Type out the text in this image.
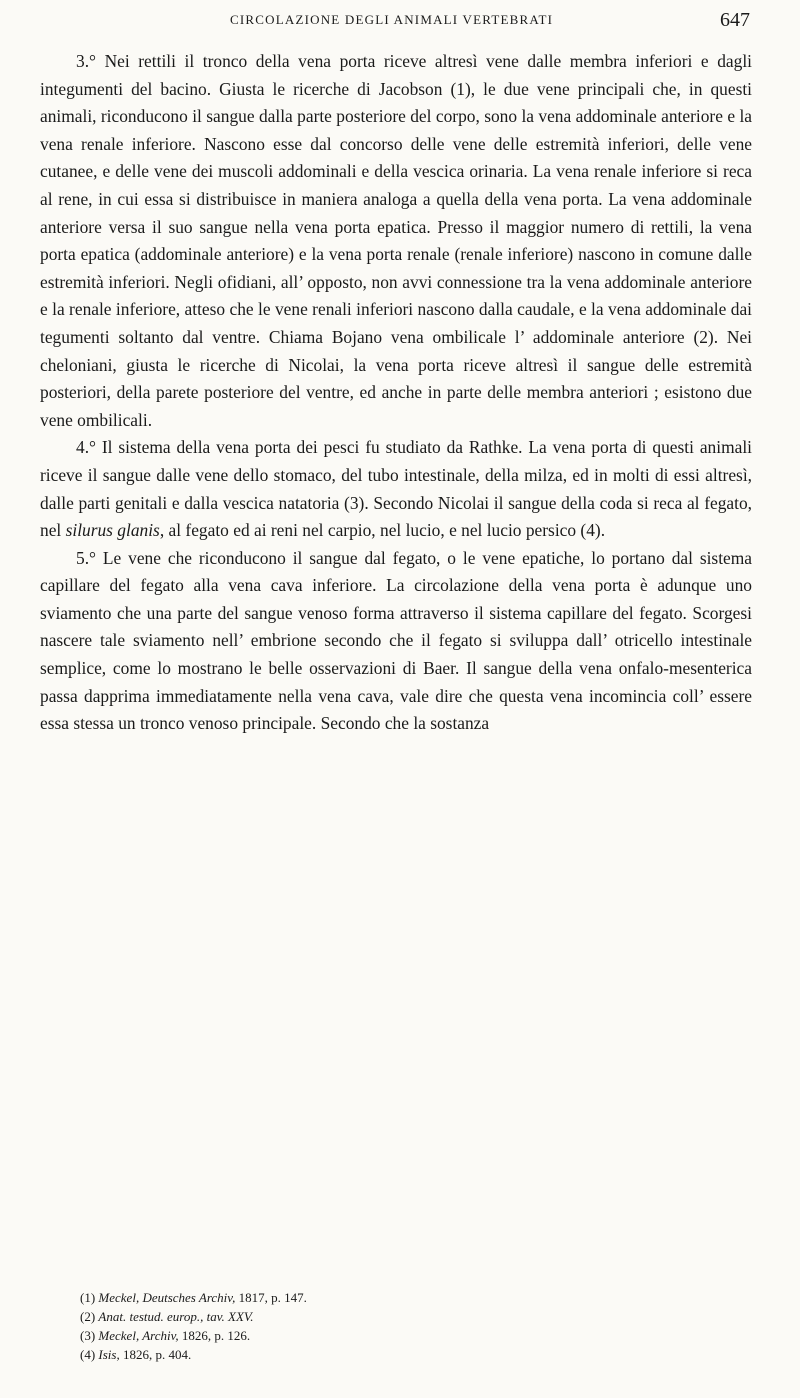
CIRCOLAZIONE DEGLI ANIMALI VERTEBRATI	647

3.° Nei rettili il tronco della vena porta riceve altresì vene dalle membra inferiori e dagli integumenti del bacino. Giusta le ricerche di Jacobson (1), le due vene principali che, in questi animali, riconducono il sangue dalla parte posteriore del corpo, sono la vena addominale anteriore e la vena renale inferiore. Nascono esse dal concorso delle vene delle estremità inferiori, delle vene cutanee, e delle vene dei muscoli addominali e della vescica orinaria. La vena renale inferiore si reca al rene, in cui essa si distribuisce in maniera analoga a quella della vena porta. La vena addominale anteriore versa il suo sangue nella vena porta epatica. Presso il maggior numero di rettili, la vena porta epatica (addominale anteriore) e la vena porta renale (renale inferiore) nascono in comune dalle estremità inferiori. Negli ofidiani, all’ opposto, non avvi connessione tra la vena addominale anteriore e la renale inferiore, atteso che le vene renali inferiori nascono dalla caudale, e la vena addominale dai tegumenti soltanto dal ventre. Chiama Bojano vena ombilicale l’ addominale anteriore (2). Nei cheloniani, giusta le ricerche di Nicolai, la vena porta riceve altresì il sangue delle estremità posteriori, della parete posteriore del ventre, ed anche in parte delle membra anteriori ; esistono due vene ombilicali.

4.° Il sistema della vena porta dei pesci fu studiato da Rathke. La vena porta di questi animali riceve il sangue dalle vene dello stomaco, del tubo intestinale, della milza, ed in molti di essi altresì, dalle parti genitali e dalla vescica natatoria (3). Secondo Nicolai il sangue della coda si reca al fegato, nel silurus glanis, al fegato ed ai reni nel carpio, nel lucio, e nel lucio persico (4).

5.° Le vene che riconducono il sangue dal fegato, o le vene epatiche, lo portano dal sistema capillare del fegato alla vena cava inferiore. La circolazione della vena porta è adunque uno sviamento che una parte del sangue venoso forma attraverso il sistema capillare del fegato. Scorgesi nascere tale sviamento nell’ embrione secondo che il fegato si sviluppa dall’ otricello intestinale semplice, come lo mostrano le belle osservazioni di Baer. Il sangue della vena onfalo-mesenterica passa dapprima immediatamente nella vena cava, vale dire che questa vena incomincia coll’ essere essa stessa un tronco venoso principale. Secondo che la sostanza

(1) Meckel, Deutsches Archiv, 1817, p. 147.
(2) Anat. testud. europ., tav. XXV.
(3) Meckel, Archiv, 1826, p. 126.
(4) Isis, 1826, p. 404.
